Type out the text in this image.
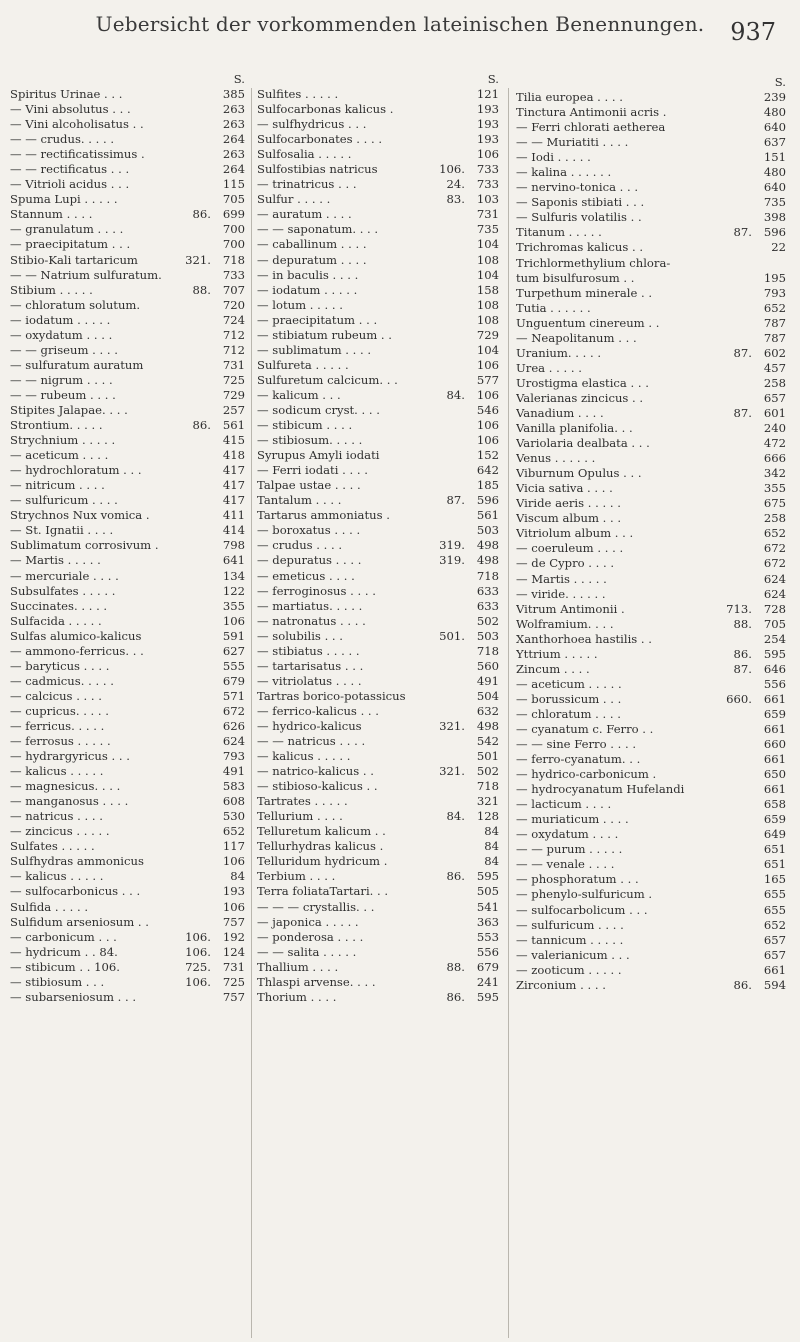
Uebersicht der vorkommenden lateinischen Benennungen.	937
S.
Spiritus Urinae . . .	385
— Vini absolutus . . .	263
— Vini alcoholisatus . .	263
— — crudus. . . . .	264
— — rectificatissimus .	263
— — rectificatus . . .	264
— Vitrioli acidus . . .	115
Spuma Lupi . . . . .	705
Stannum . . . .	86.	699
— granulatum . . . .	700
— praecipitatum . . .	700
Stibio-Kali tartaricum	321.	718
— — Natrium sulfuratum.	733
Stibium . . . . .	88.	707
— chloratum solutum.	720
— iodatum . . . . .	724
— oxydatum . . . .	712
— — griseum . . . .	712
— sulfuratum auratum	731
— — nigrum . . . .	725
— — rubeum . . . .	729
Stipites Jalapae. . . .	257
Strontium. . . . .	86.	561
Strychnium . . . . .	415
— aceticum . . . .	418
— hydrochloratum . . .	417
— nitricum . . . .	417
— sulfuricum . . . .	417
Strychnos Nux vomica .	411
— St. Ignatii . . . .	414
Sublimatum corrosivum .	798
— Martis . . . . .	641
— mercuriale . . . .	134
Subsulfates . . . . .	122
Succinates. . . . .	355
Sulfacida . . . . .	106
Sulfas alumico-kalicus	591
— ammono-ferricus. . .	627
— baryticus . . . .	555
— cadmicus. . . . .	679
— calcicus . . . .	571
— cupricus. . . . .	672
— ferricus. . . . .	626
— ferrosus . . . . .	624
— hydrargyricus . . .	793
— kalicus . . . . .	491
— magnesicus. . . .	583
— manganosus . . . .	608
— natricus . . . .	530
— zincicus . . . . .	652
Sulfates . . . . .	117
Sulfhydras ammonicus	106
— kalicus . . . . .	84
— sulfocarbonicus . . .	193
Sulfida . . . . .	106
Sulfidum arseniosum . .	757
— carbonicum . . .	106.	192
— hydricum . . 84.	106.	124
— stibicum . . 106.	725.	731
— stibiosum . . .	106.	725
— subarseniosum . . .	757
S.
Sulfites . . . . .	121
Sulfocarbonas kalicus .	193
— sulfhydricus . . .	193
Sulfocarbonates . . . .	193
Sulfosalia . . . . .	106
Sulfostibias natricus	106.	733
— trinatricus . . .	24.	733
Sulfur . . . . .	83.	103
— auratum . . . .	731
— — saponatum. . . .	735
— caballinum . . . .	104
— depuratum . . . .	108
— in baculis . . . .	104
— iodatum . . . . .	158
— lotum . . . . .	108
— praecipitatum . . .	108
— stibiatum rubeum . .	729
— sublimatum . . . .	104
Sulfureta . . . . .	106
Sulfuretum calcicum. . .	577
— kalicum . . .	84.	106
— sodicum cryst. . . .	546
— stibicum . . . .	106
— stibiosum. . . . .	106
Syrupus Amyli iodati	152
— Ferri iodati . . . .	642
Talpae ustae . . . .	185
Tantalum . . . .	87.	596
Tartarus ammoniatus .	561
— boroxatus . . . .	503
— crudus . . . .	319.	498
— depuratus . . . .	319.	498
— emeticus . . . .	718
— ferroginosus . . . .	633
— martiatus. . . . .	633
— natronatus . . . .	502
— solubilis . . .	501.	503
— stibiatus . . . . .	718
— tartarisatus . . .	560
— vitriolatus . . . .	491
Tartras borico-potassicus	504
— ferrico-kalicus . . .	632
— hydrico-kalicus	321.	498
— — natricus . . . .	542
— kalicus . . . . .	501
— natrico-kalicus . .	321.	502
— stibioso-kalicus . .	718
Tartrates . . . . .	321
Tellurium . . . .	84.	128
Telluretum kalicum . .	84
Tellurhydras kalicus .	84
Telluridum hydricum .	84
Terbium . . . .	86.	595
Terra foliataTartari. . .	505
— — — crystallis. . .	541
— japonica . . . . .	363
— ponderosa . . . .	553
— — salita . . . . .	556
Thallium . . . .	88.	679
Thlaspi arvense. . . .	241
Thorium . . . .	86.	595
S.
Tilia europea . . . .	239
Tinctura Antimonii acris .	480
— Ferri chlorati aetherea	640
— — Muriatiti . . . .	637
— Iodi . . . . .	151
— kalina . . . . . .	480
— nervino-tonica . . .	640
— Saponis stibiati . . .	735
— Sulfuris volatilis . .	398
Titanum . . . . .	87.	596
Trichromas kalicus . .	22
Trichlormethylium chlora-
tum bisulfurosum . .	195
Turpethum minerale . .	793
Tutia . . . . . .	652
Unguentum cinereum . .	787
— Neapolitanum . . .	787
Uranium. . . . .	87.	602
Urea . . . . .	457
Urostigma elastica . . .	258
Valerianas zincicus . .	657
Vanadium . . . .	87.	601
Vanilla planifolia. . .	240
Variolaria dealbata . . .	472
Venus . . . . . .	666
Viburnum Opulus . . .	342
Vicia sativa . . . .	355
Viride aeris . . . . .	675
Viscum album . . .	258
Vitriolum album . . .	652
— coeruleum . . . .	672
— de Cypro . . . .	672
— Martis . . . . .	624
— viride. . . . . .	624
Vitrum Antimonii .	713.	728
Wolframium. . . .	88.	705
Xanthorhoea hastilis . .	254
Yttrium . . . . .	86.	595
Zincum . . . .	87.	646
— aceticum . . . . .	556
— borussicum . . .	660.	661
— chloratum . . . .	659
— cyanatum c. Ferro . .	661
— — sine Ferro . . . .	660
— ferro-cyanatum. . .	661
— hydrico-carbonicum .	650
— hydrocyanatum Hufelandi	661
— lacticum . . . .	658
— muriaticum . . . .	659
— oxydatum . . . .	649
— — purum . . . . .	651
— — venale . . . .	651
— phosphoratum . . .	165
— phenylo-sulfuricum .	655
— sulfocarbolicum . . .	655
— sulfuricum . . . .	652
— tannicum . . . . .	657
— valerianicum . . .	657
— zooticum . . . . .	661
Zirconium . . . .	86.	594
